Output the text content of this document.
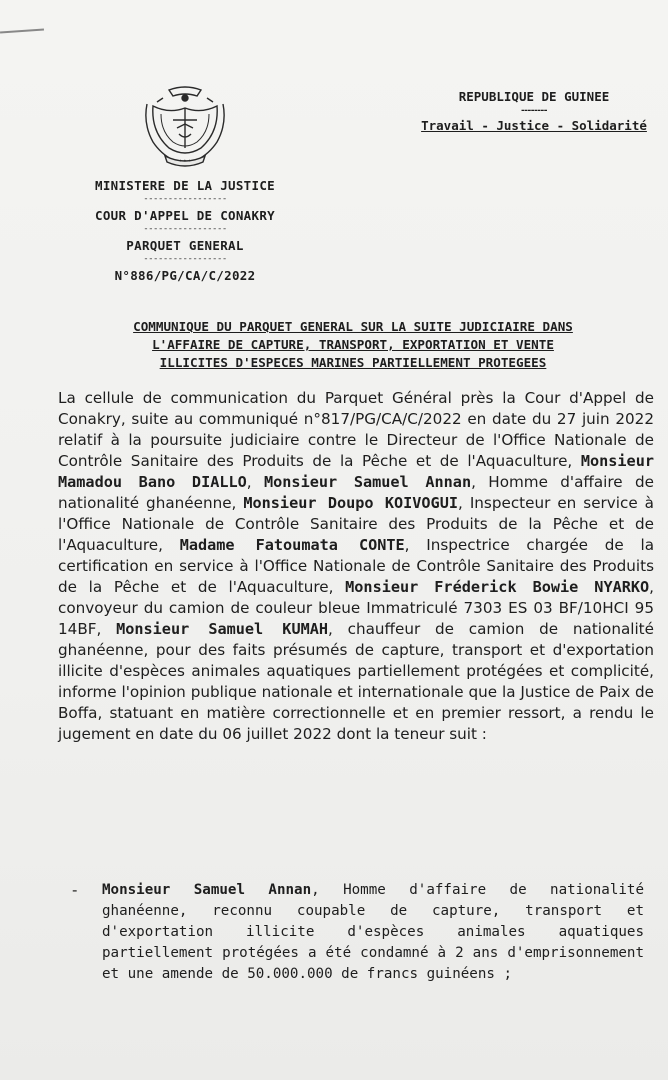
✦ ✦ ✦
MINISTERE DE LA JUSTICE
-----------------
COUR D'APPEL DE CONAKRY
-----------------
PARQUET GENERAL
-----------------
N°886/PG/CA/C/2022
REPUBLIQUE DE GUINEE
--------
Travail - Justice - Solidarité
COMMUNIQUE DU PARQUET GENERAL SUR LA SUITE JUDICIAIRE DANS
L'AFFAIRE DE CAPTURE, TRANSPORT, EXPORTATION ET VENTE
ILLICITES D'ESPECES MARINES PARTIELLEMENT PROTEGEES

La cellule de communication du Parquet Général près la Cour d'Appel de Conakry, suite au communiqué n°817/PG/CA/C/2022 en date du 27 juin 2022 relatif à la poursuite judiciaire contre le Directeur de l'Office Nationale de Contrôle Sanitaire des Produits de la Pêche et de l'Aquaculture, Monsieur Mamadou Bano DIALLO, Monsieur Samuel Annan, Homme d'affaire de nationalité ghanéenne, Monsieur Doupo KOIVOGUI, Inspecteur en service à l'Office Nationale de Contrôle Sanitaire des Produits de la Pêche et de l'Aquaculture, Madame Fatoumata CONTE, Inspectrice chargée de la certification en service à l'Office Nationale de Contrôle Sanitaire des Produits de la Pêche et de l'Aquaculture, Monsieur Fréderick Bowie NYARKO, convoyeur du camion de couleur bleue Immatriculé 7303 ES 03 BF/10HCI 95 14BF, Monsieur Samuel KUMAH, chauffeur de camion de nationalité ghanéenne, pour des faits présumés de capture, transport et d'exportation illicite d'espèces animales aquatiques partiellement protégées et complicité, informe l'opinion publique nationale et internationale que la Justice de Paix de Boffa, statuant en matière correctionnelle et en premier ressort, a rendu le jugement en date du 06 juillet 2022 dont la teneur suit :

-	Monsieur Samuel Annan, Homme d'affaire de nationalité ghanéenne, reconnu coupable de capture, transport et d'exportation illicite d'espèces animales aquatiques partiellement protégées a été condamné à 2 ans d'emprisonnement et une amende de 50.000.000 de francs guinéens ;
